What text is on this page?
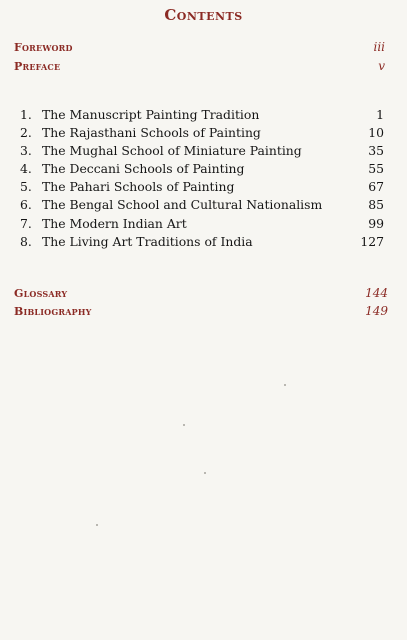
Contents
Foreword	iii
Preface	v
1. The Manuscript Painting Tradition	1
2. The Rajasthani Schools of Painting	10
3. The Mughal School of Miniature Painting	35
4. The Deccani Schools of Painting	55
5. The Pahari Schools of Painting	67
6. The Bengal School and Cultural Nationalism	85
7. The Modern Indian Art	99
8. The Living Art Traditions of India	127
Glossary	144
Bibliography	149
